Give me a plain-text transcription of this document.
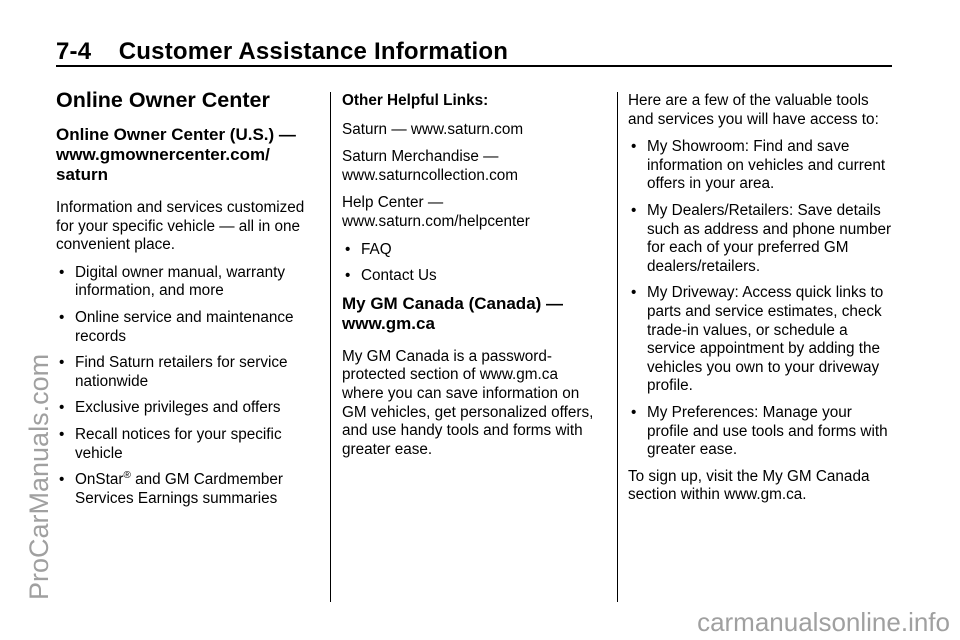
7-4    Customer Assistance Information
Online Owner Center
Online Owner Center (U.S.) — www.gmownercenter.com/ saturn

Information and services customized for your specific vehicle — all in one convenient place.

• Digital owner manual, warranty information, and more
• Online service and maintenance records
• Find Saturn retailers for service nationwide
• Exclusive privileges and offers
• Recall notices for your specific vehicle
• OnStar® and GM Cardmember Services Earnings summaries
Other Helpful Links:

Saturn — www.saturn.com

Saturn Merchandise — www.saturncollection.com

Help Center — www.saturn.com/helpcenter

• FAQ
• Contact Us
My GM Canada (Canada) — www.gm.ca

My GM Canada is a password-protected section of www.gm.ca where you can save information on GM vehicles, get personalized offers, and use handy tools and forms with greater ease.

Here are a few of the valuable tools and services you will have access to:

• My Showroom: Find and save information on vehicles and current offers in your area.
• My Dealers/Retailers: Save details such as address and phone number for each of your preferred GM dealers/retailers.
• My Driveway: Access quick links to parts and service estimates, check trade-in values, or schedule a service appointment by adding the vehicles you own to your driveway profile.
• My Preferences: Manage your profile and use tools and forms with greater ease.

To sign up, visit the My GM Canada section within www.gm.ca.

ProCarManuals.com
carmanualsonline.info
